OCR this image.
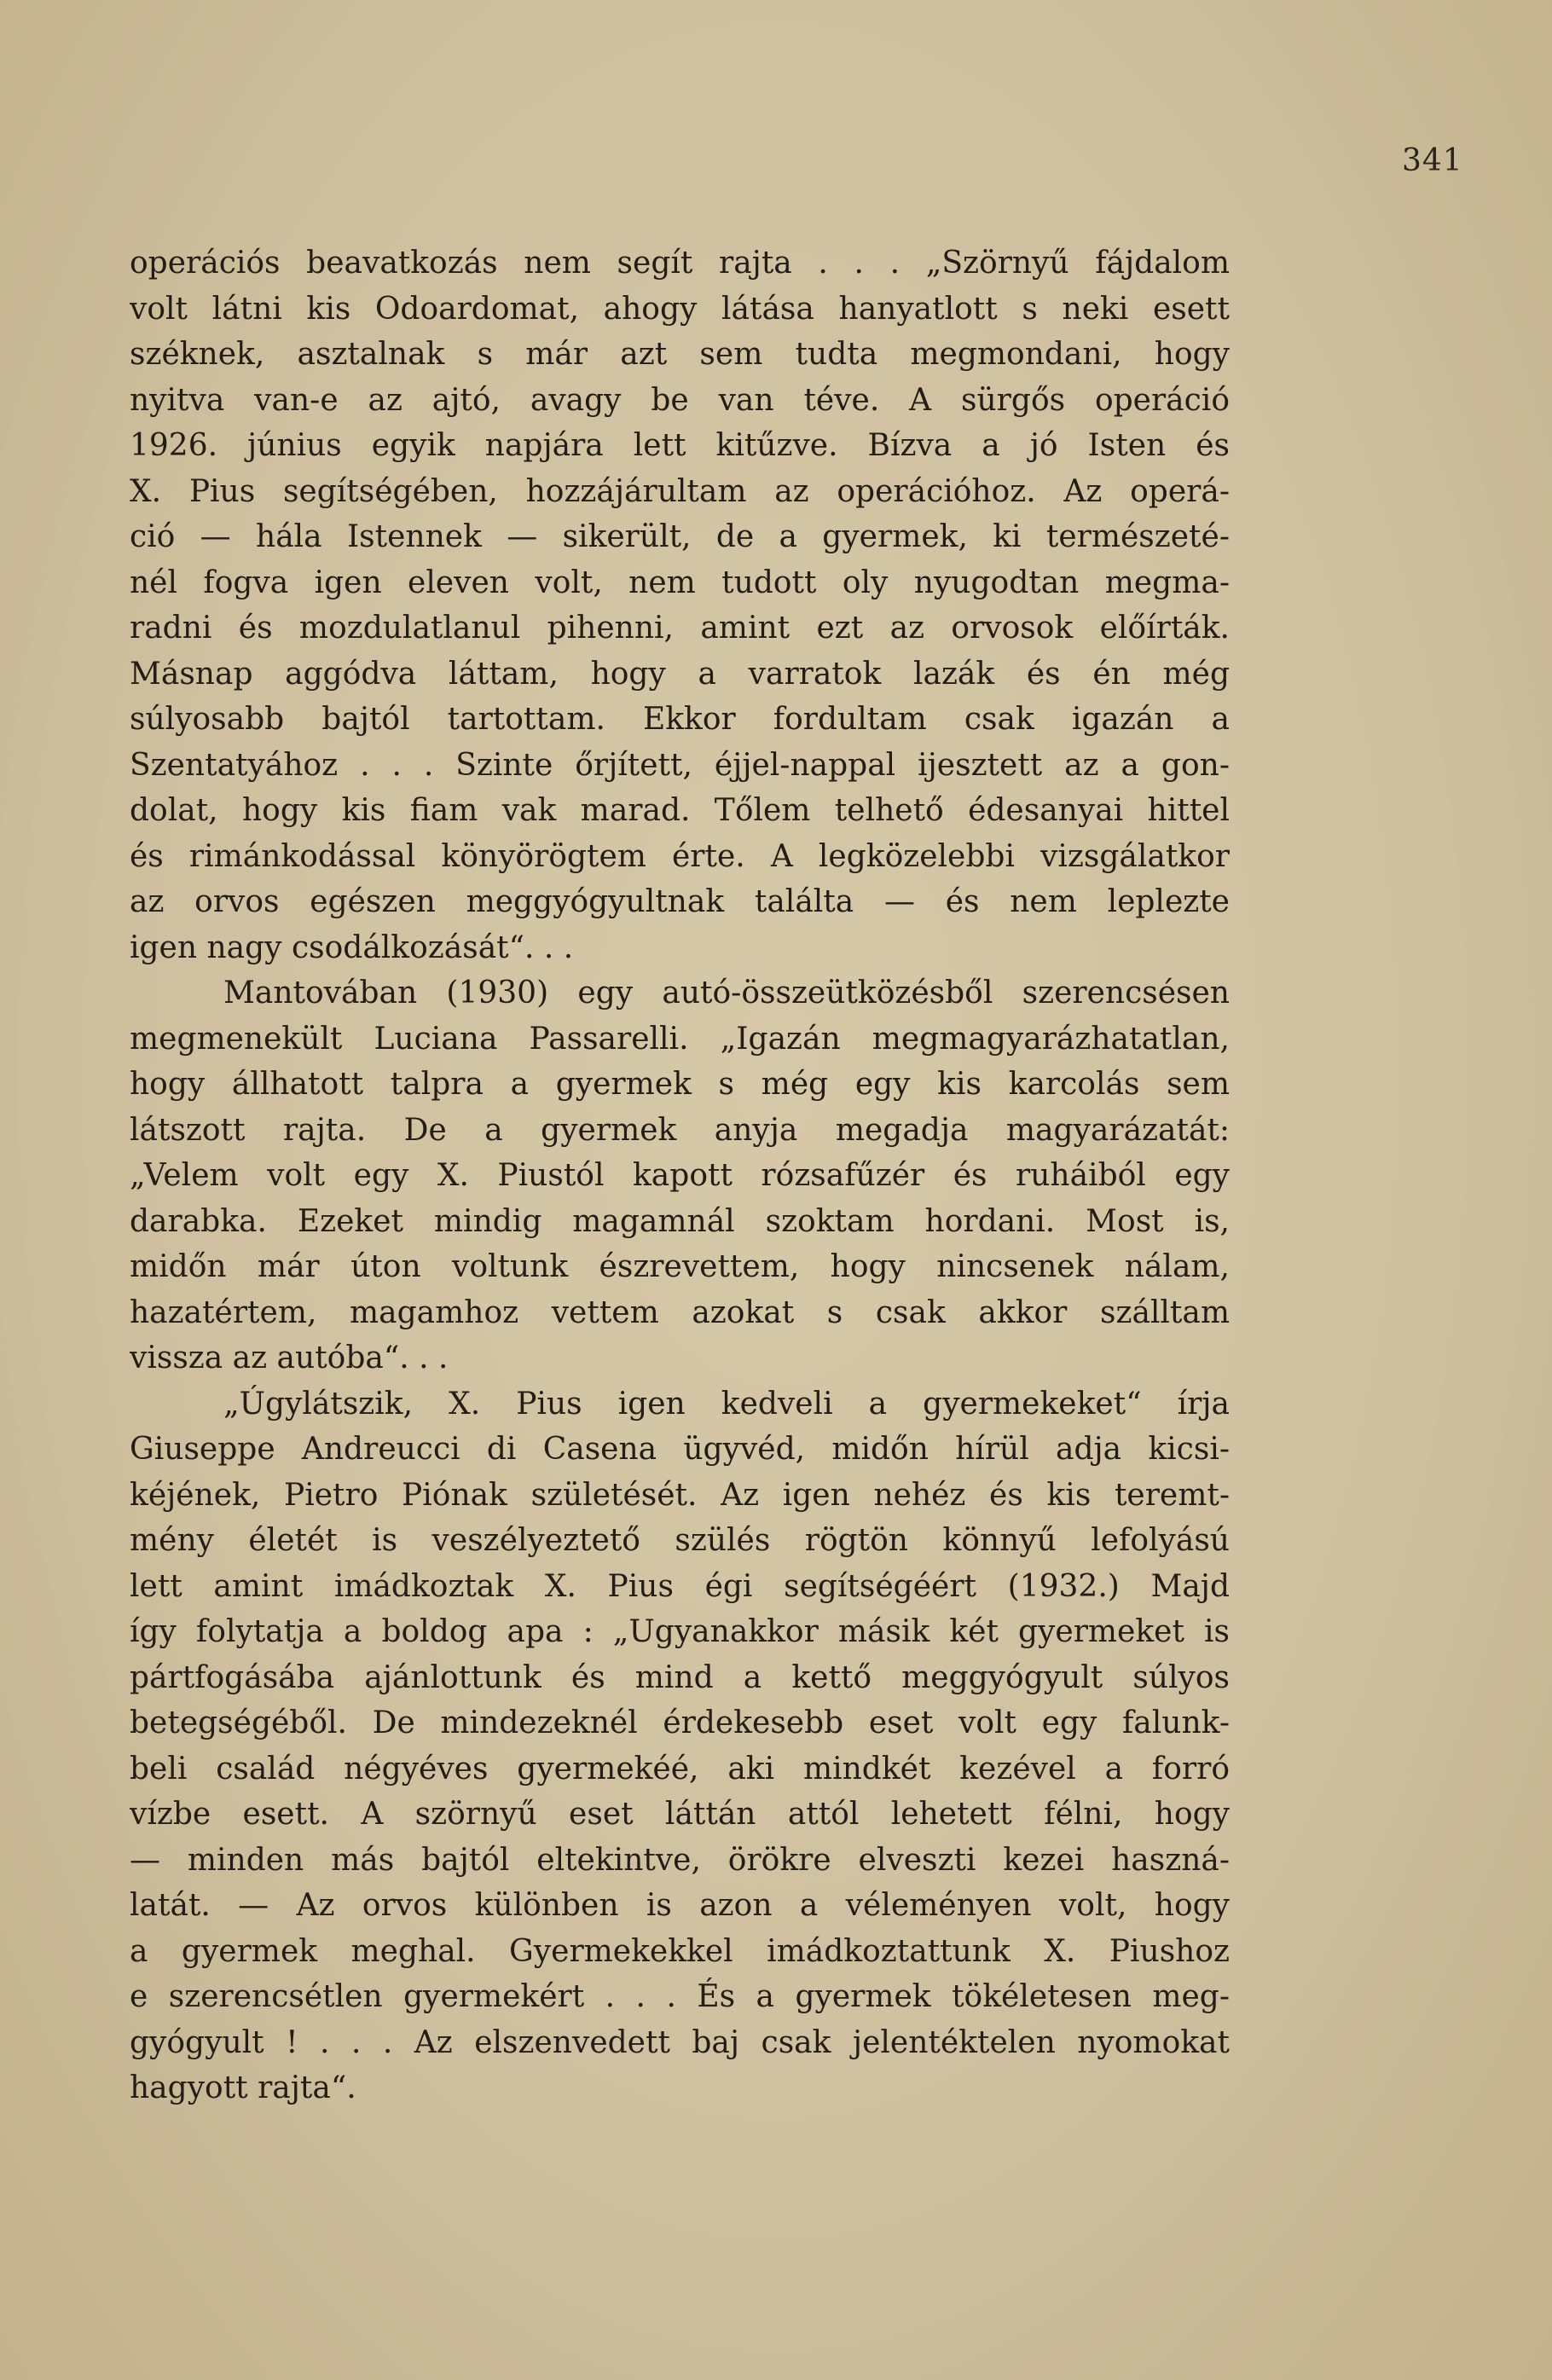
341
operációs beavatkozás nem segít rajta . . . „Szörnyű fájdalom
volt látni kis Odoardomat, ahogy látása hanyatlott s neki esett
széknek, asztalnak s már azt sem tudta megmondani, hogy
nyitva van-e az ajtó, avagy be van téve. A sürgős operáció
1926. június egyik napjára lett kitűzve. Bízva a jó Isten és
X. Pius segítségében, hozzájárultam az operációhoz. Az operá-
ció — hála Istennek — sikerült, de a gyermek, ki természeté-
nél fogva igen eleven volt, nem tudott oly nyugodtan megma-
radni és mozdulatlanul pihenni, amint ezt az orvosok előírták.
Másnap aggódva láttam, hogy a varratok lazák és én még
súlyosabb bajtól tartottam. Ekkor fordultam csak igazán a
Szentatyához . . . Szinte őrjített, éjjel-nappal ijesztett az a gon-
dolat, hogy kis fiam vak marad. Tőlem telhető édesanyai hittel
és rimánkodással könyörögtem érte. A legközelebbi vizsgálatkor
az orvos egészen meggyógyultnak találta — és nem leplezte
igen nagy csodálkozását“. . .
Mantovában (1930) egy autó-összeütközésből szerencsésen
megmenekült Luciana Passarelli. „Igazán megmagyarázhatatlan,
hogy állhatott talpra a gyermek s még egy kis karcolás sem
látszott rajta. De a gyermek anyja megadja magyarázatát:
„Velem volt egy X. Piustól kapott rózsafűzér és ruháiból egy
darabka. Ezeket mindig magamnál szoktam hordani. Most is,
midőn már úton voltunk észrevettem, hogy nincsenek nálam,
hazatértem, magamhoz vettem azokat s csak akkor szálltam
vissza az autóba“. . .
„Úgylátszik, X. Pius igen kedveli a gyermekeket“ írja
Giuseppe Andreucci di Casena ügyvéd, midőn hírül adja kicsi-
kéjének, Pietro Piónak születését. Az igen nehéz és kis teremt-
mény életét is veszélyeztető szülés rögtön könnyű lefolyású
lett amint imádkoztak X. Pius égi segítségéért (1932.) Majd
így folytatja a boldog apa : „Ugyanakkor másik két gyermeket is
pártfogásába ajánlottunk és mind a kettő meggyógyult súlyos
betegségéből. De mindezeknél érdekesebb eset volt egy falunk-
beli család négyéves gyermekéé, aki mindkét kezével a forró
vízbe esett. A szörnyű eset láttán attól lehetett félni, hogy
— minden más bajtól eltekintve, örökre elveszti kezei haszná-
latát. — Az orvos különben is azon a véleményen volt, hogy
a gyermek meghal. Gyermekekkel imádkoztattunk X. Piushoz
e szerencsétlen gyermekért . . . És a gyermek tökéletesen meg-
gyógyult ! . . . Az elszenvedett baj csak jelentéktelen nyomokat
hagyott rajta“.
